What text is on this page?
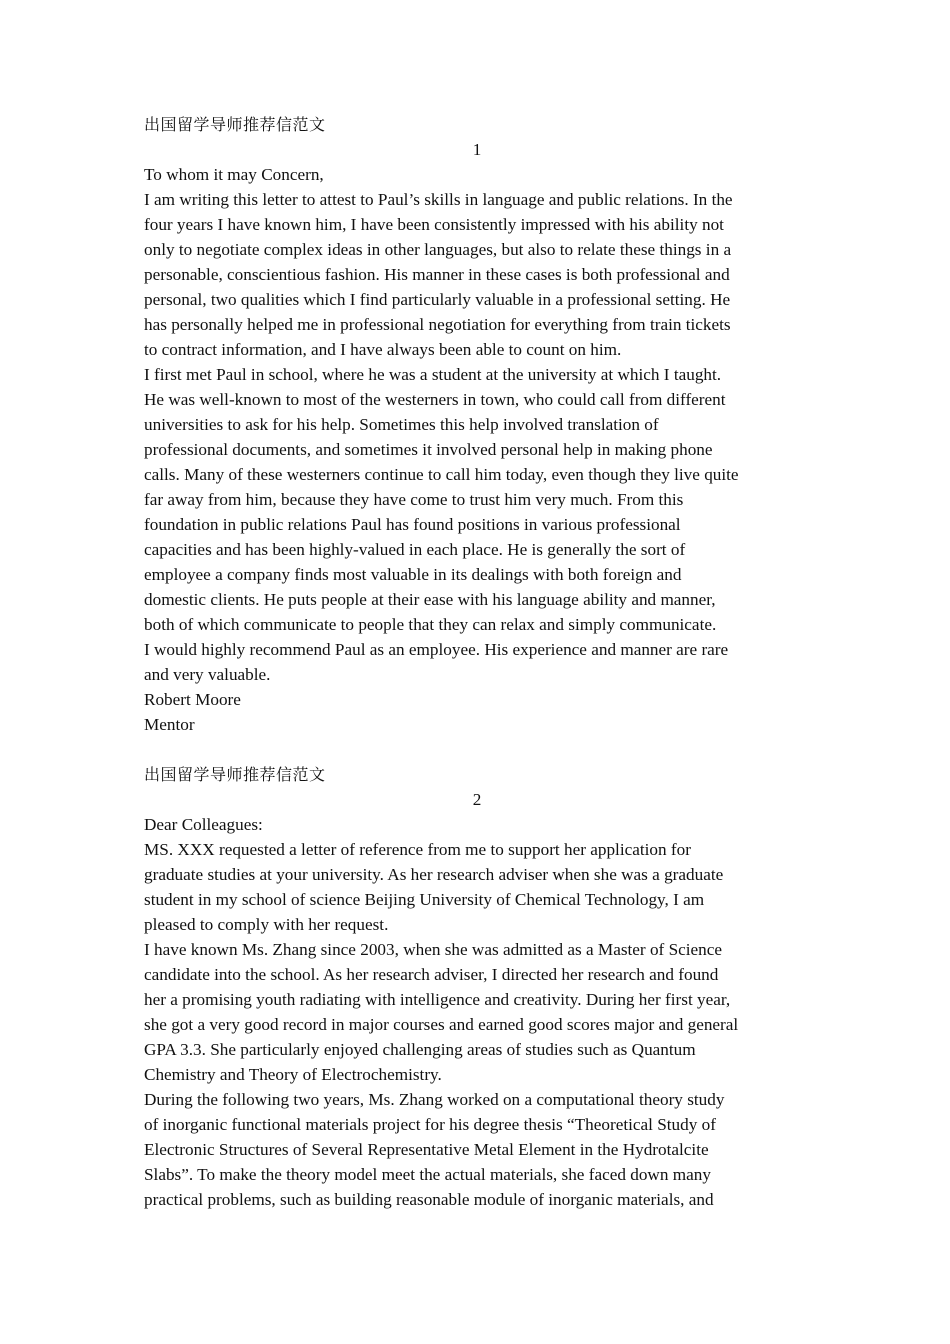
出国留学导师推荐信范文
1
To whom it may Concern,
I am writing this letter to attest to Paul’s skills in language and public relations. In the
four years I have known him, I have been consistently impressed with his ability not
only to negotiate complex ideas in other languages, but also to relate these things in a
personable, conscientious fashion. His manner in these cases is both professional and
personal, two qualities which I find particularly valuable in a professional setting. He
has personally helped me in professional negotiation for everything from train tickets
to contract information, and I have always been able to count on him.
I first met Paul in school, where he was a student at the university at which I taught.
He was well-known to most of the westerners in town, who could call from different
universities to ask for his help. Sometimes this help involved translation of
professional documents, and sometimes it involved personal help in making phone
calls. Many of these westerners continue to call him today, even though they live quite
far away from him, because they have come to trust him very much. From this
foundation in public relations Paul has found positions in various professional
capacities and has been highly-valued in each place. He is generally the sort of
employee a company finds most valuable in its dealings with both foreign and
domestic clients. He puts people at their ease with his language ability and manner,
both of which communicate to people that they can relax and simply communicate.
I would highly recommend Paul as an employee. His experience and manner are rare
and very valuable.
Robert Moore
Mentor
出国留学导师推荐信范文
2
Dear Colleagues:
MS. XXX requested a letter of reference from me to support her application for
graduate studies at your university. As her research adviser when she was a graduate
student in my school of science Beijing University of Chemical Technology, I am
pleased to comply with her request.
I have known Ms. Zhang since 2003, when she was admitted as a Master of Science
candidate into the school. As her research adviser, I directed her research and found
her a promising youth radiating with intelligence and creativity. During her first year,
she got a very good record in major courses and earned good scores major and general
GPA 3.3. She particularly enjoyed challenging areas of studies such as Quantum
Chemistry and Theory of Electrochemistry.
During the following two years, Ms. Zhang worked on a computational theory study
of inorganic functional materials project for his degree thesis “Theoretical Study of
Electronic Structures of Several Representative Metal Element in the Hydrotalcite
Slabs”. To make the theory model meet the actual materials, she faced down many
practical problems, such as building reasonable module of inorganic materials, and
